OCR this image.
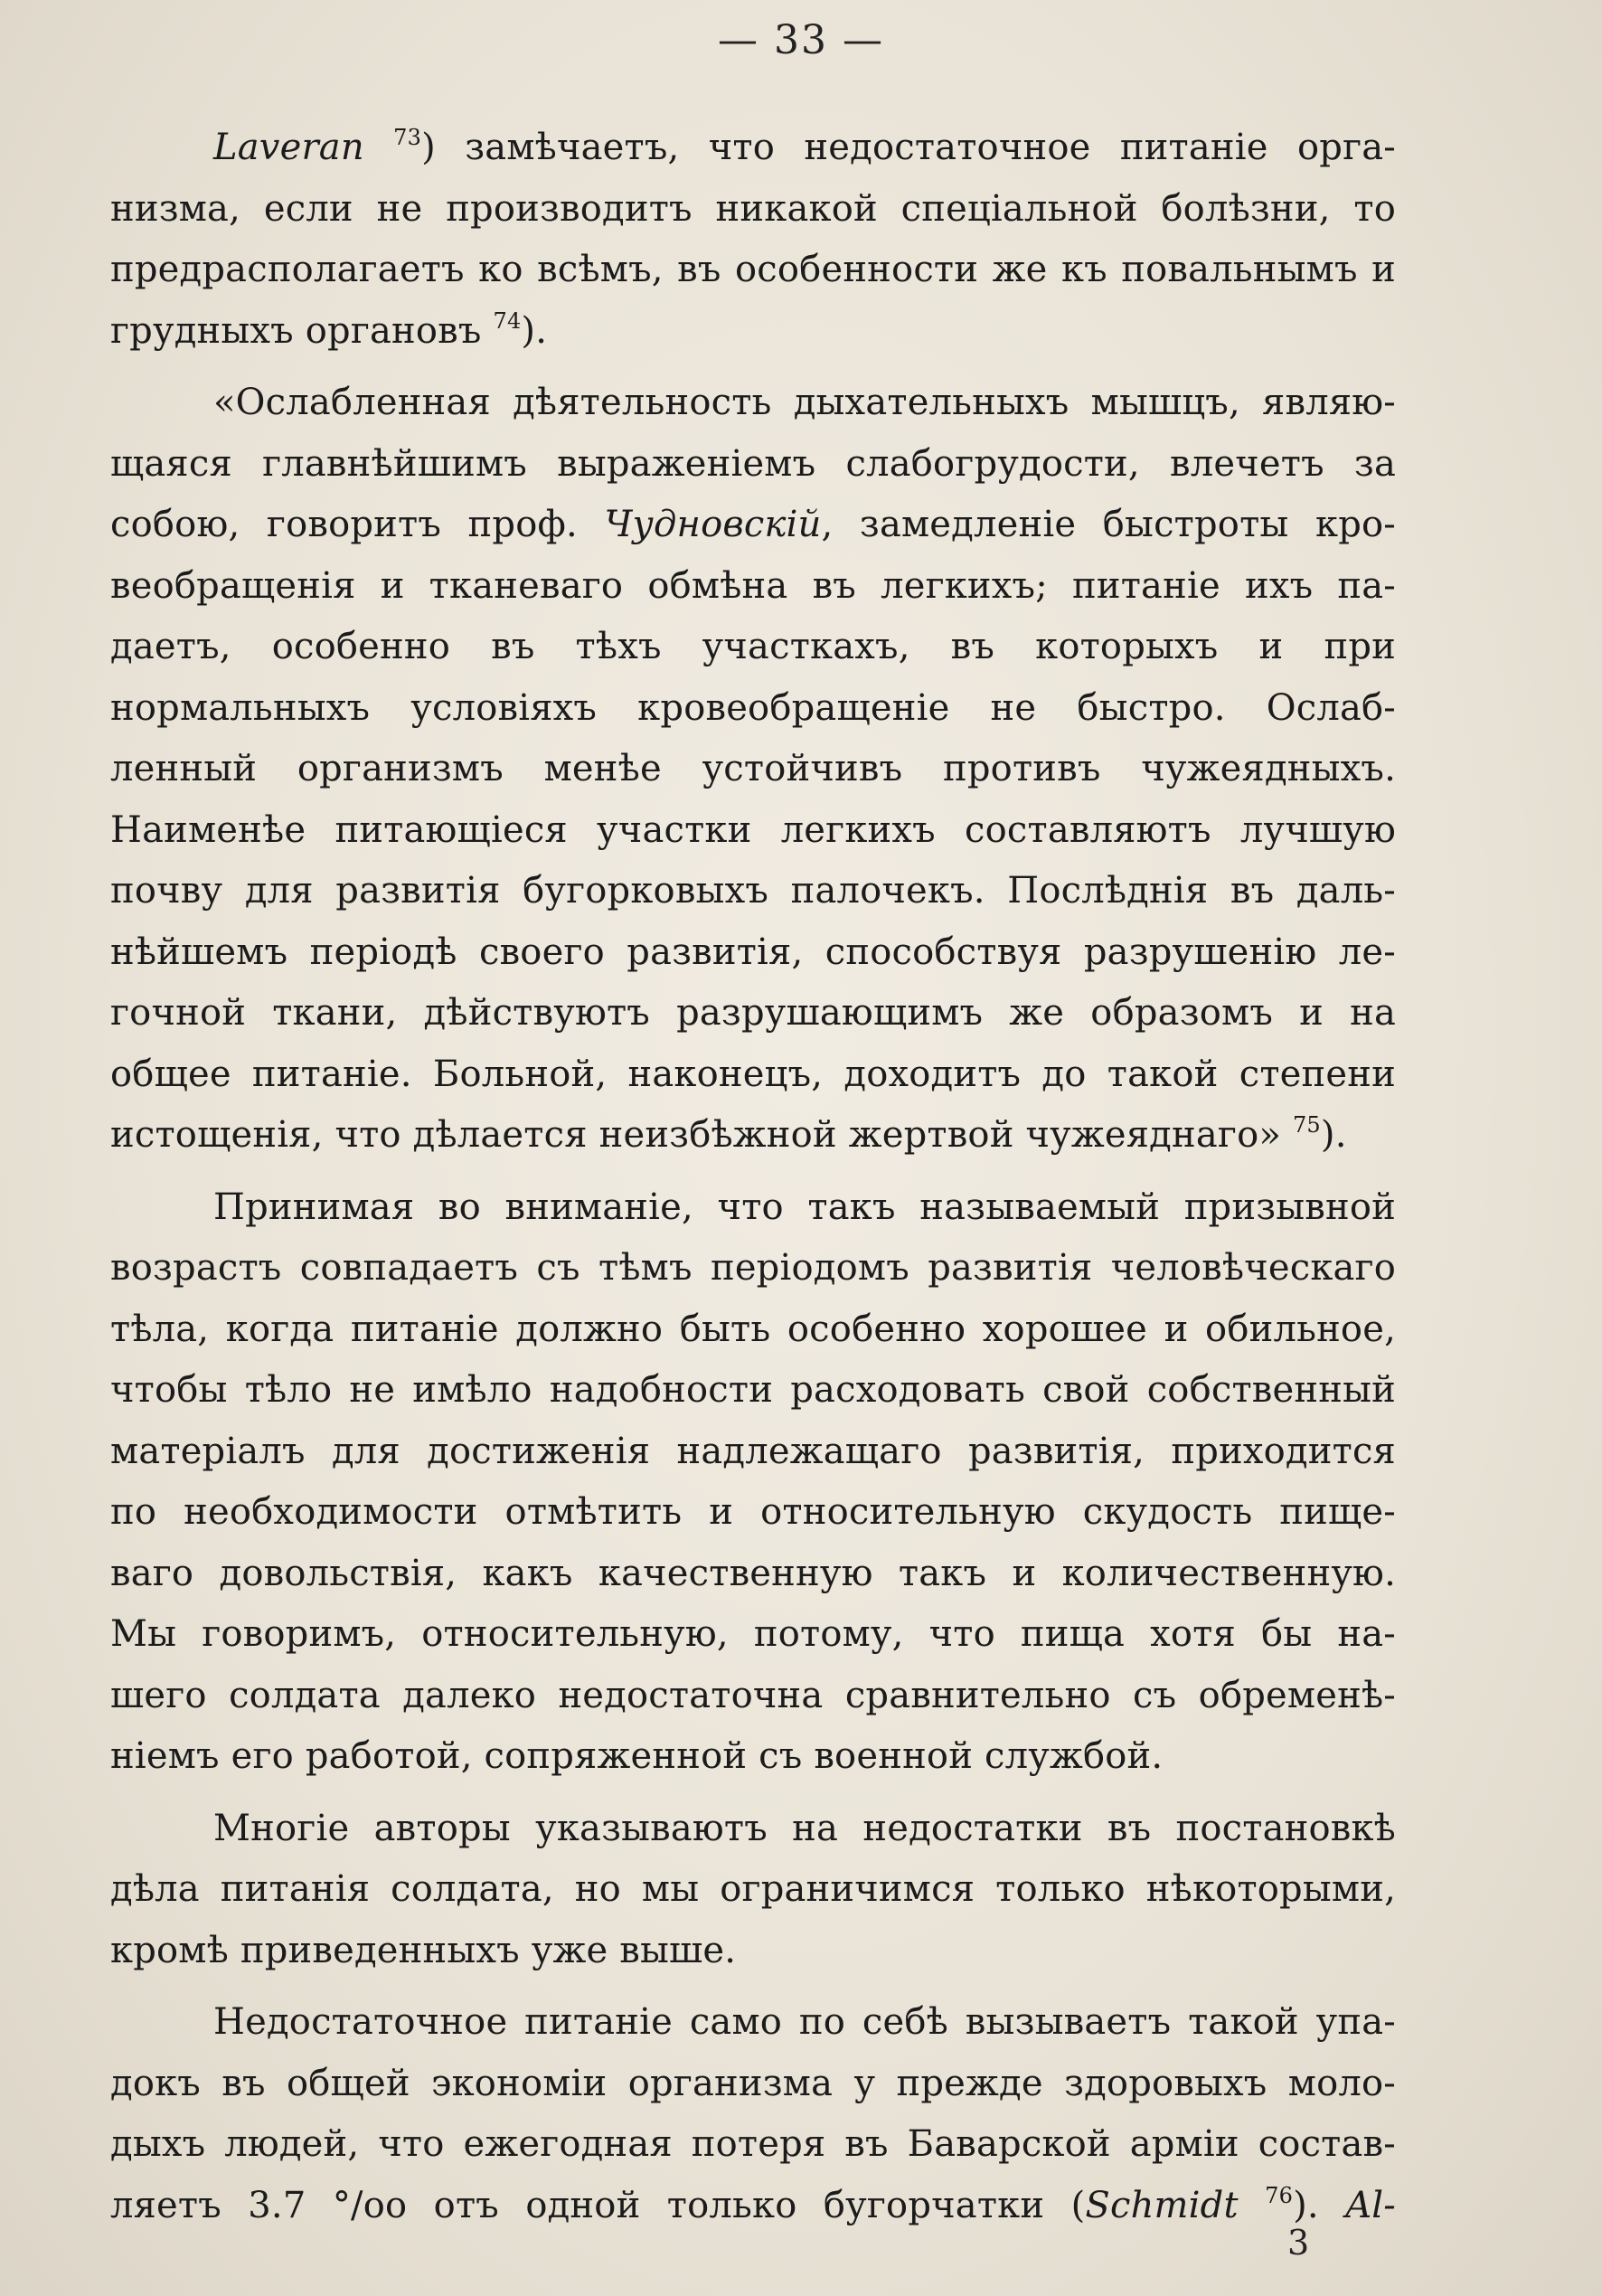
— 33 —
Laveran $^{73}$) замѣчаетъ, что недостаточное питаніе орга-
низма, если не производитъ никакой спеціальной болѣзни, то
предрасполагаетъ ко всѣмъ, въ особенности же къ повальнымъ и
грудныхъ органовъ $^{74}$).
«Ослабленная дѣятельность дыхательныхъ мышцъ, являю-
щаяся главнѣйшимъ выраженіемъ слабогрудости, влечетъ за
собою, говоритъ проф. Чудновскій, замедленіе быстроты кро-
веобращенія и тканеваго обмѣна въ легкихъ; питаніе ихъ па-
даетъ, особенно въ тѣхъ участкахъ, въ которыхъ и при
нормальныхъ условіяхъ кровеобращеніе не быстро. Ослаб-
ленный организмъ менѣе устойчивъ противъ чужеядныхъ.
Наименѣе питающіеся участки легкихъ составляютъ лучшую
почву для развитія бугорковыхъ палочекъ. Послѣднія въ даль-
нѣйшемъ періодѣ своего развитія, способствуя разрушенію ле-
гочной ткани, дѣйствуютъ разрушающимъ же образомъ и на
общее питаніе. Больной, наконецъ, доходитъ до такой степени
истощенія, что дѣлается неизбѣжной жертвой чужеяднаго» $^{75}$).
Принимая во вниманіе, что такъ называемый призывной
возрастъ совпадаетъ съ тѣмъ періодомъ развитія человѣческаго
тѣла, когда питаніе должно быть особенно хорошее и обильное,
чтобы тѣло не имѣло надобности расходовать свой собственный
матеріалъ для достиженія надлежащаго развитія, приходится
по необходимости отмѣтить и относительную скудость пище-
ваго довольствія, какъ качественную такъ и количественную.
Мы говоримъ, относительную, потому, что пища хотя бы на-
шего солдата далеко недостаточна сравнительно съ обременѣ-
ніемъ его работой, сопряженной съ военной службой.
Многіе авторы указываютъ на недостатки въ постановкѣ
дѣла питанія солдата, но мы ограничимся только нѣкоторыми,
кромѣ приведенныхъ уже выше.
Недостаточное питаніе само по себѣ вызываетъ такой упа-
докъ въ общей экономіи организма у прежде здоровыхъ моло-
дыхъ людей, что ежегодная потеря въ Баварской арміи состав-
ляетъ 3.7 °/oo отъ одной только бугорчатки (Schmidt $^{76}$). Al-
3
